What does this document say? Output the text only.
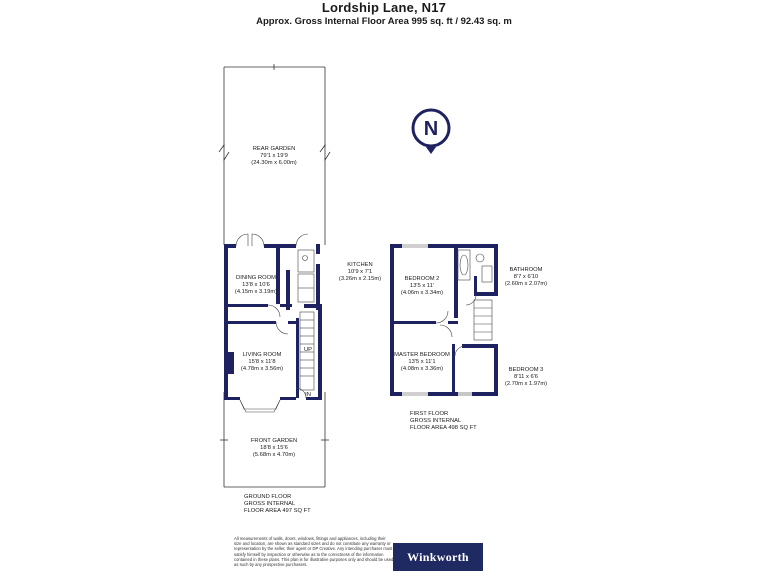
Lordship Lane, N17
Approx. Gross Internal Floor Area 995 sq. ft / 92.43 sq. m
N
REAR GARDEN
79'1 x 19'9
(24.30m x 6.00m)
DINING ROOM
13'8 x 10'6
(4.15m x 3.19m)
KITCHEN
10'9 x 7'1
(3.26m x 2.15m)
LIVING ROOM
15'8 x 11'8
(4.78m x 3.56m)
UP
IN
FRONT GARDEN
18'8 x 15'6
(5.68m x 4.70m)
BEDROOM 2
13'5 x 11'
(4.06m x 3.34m)
BATHROOM
8'7 x 6'10
(2.60m x 2.07m)
MASTER BEDROOM
13'5 x 11'1
(4.08m x 3.36m)	BEDROOM 3
8'11 x 6'6
(2.70m x 1.97m)
GROUND FLOOR
GROSS INTERNAL
FLOOR AREA 497 SQ FT
FIRST FLOOR
GROSS INTERNAL
FLOOR AREA 498 SQ FT
All measurements of walls, doors, windows, fittings and appliances, including their size and location, are shown as standard sizes and do not constitute any warranty or representation by the seller, their agent or DP Creative. Any intending purchaser must satisfy himself by inspection or otherwise as to the correctness of the information contained in these plans. This plan is for illustrative purposes only and should be used as such by any prospective purchasers.
Winkworth
